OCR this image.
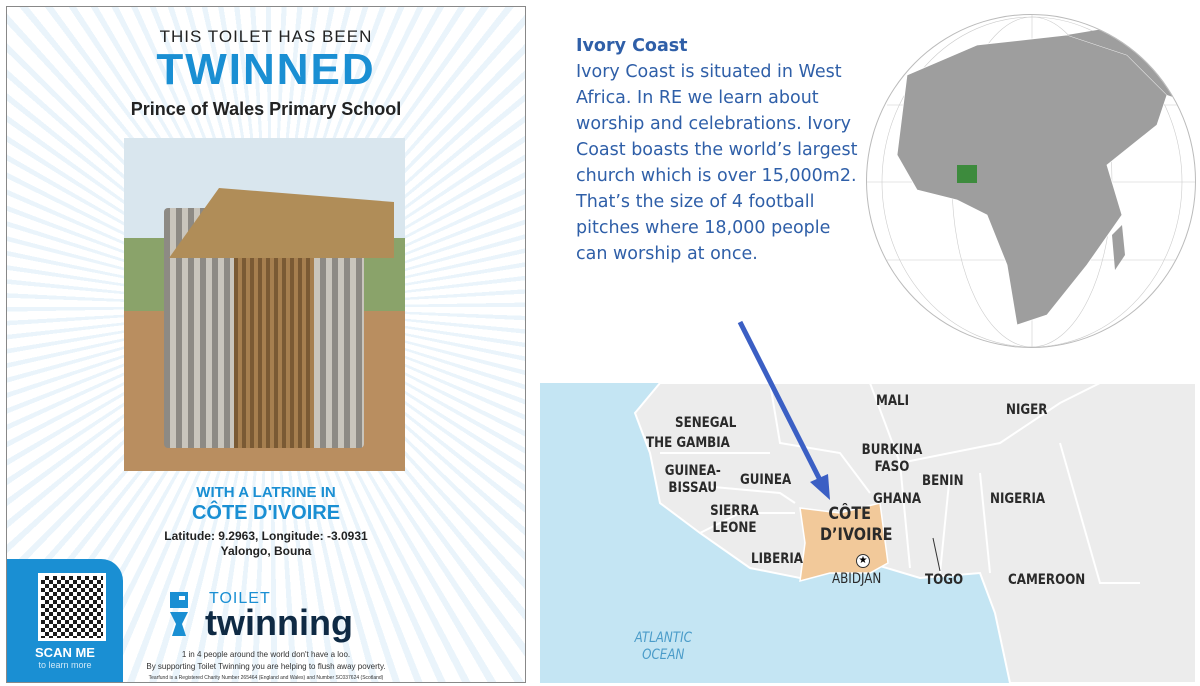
THIS TOILET HAS BEEN
TWINNED
Prince of Wales Primary School
WITH A LATRINE IN
CÔTE D'IVOIRE
Latitude: 9.2963, Longitude: -3.0931
Yalongo, Bouna
SCAN ME
to learn more
TOILET
twinning
1 in 4 people around the world don't have a loo.
By supporting Toilet Twinning you are helping to flush away poverty.
Tearfund is a Registered Charity Number 265464 (England and Wales) and Number SC037624 (Scotland)
Ivory Coast
Ivory Coast is situated in West Africa. In RE we learn about worship and celebrations. Ivory Coast boasts the world’s largest church which is over 15,000m2. That’s the size of 4 football pitches where 18,000 people can worship at once.
MALI
NIGER
SENEGAL
THE GAMBIA	BURKINA FASO
GUINEA-BISSAU	GUINEA	BENIN
GHANA	NIGERIA
SIERRA LEONE
CÔTE D’IVOIRE
LIBERIA	★
ABIDJAN	TOGO	CAMEROON
ATLANTIC OCEAN
